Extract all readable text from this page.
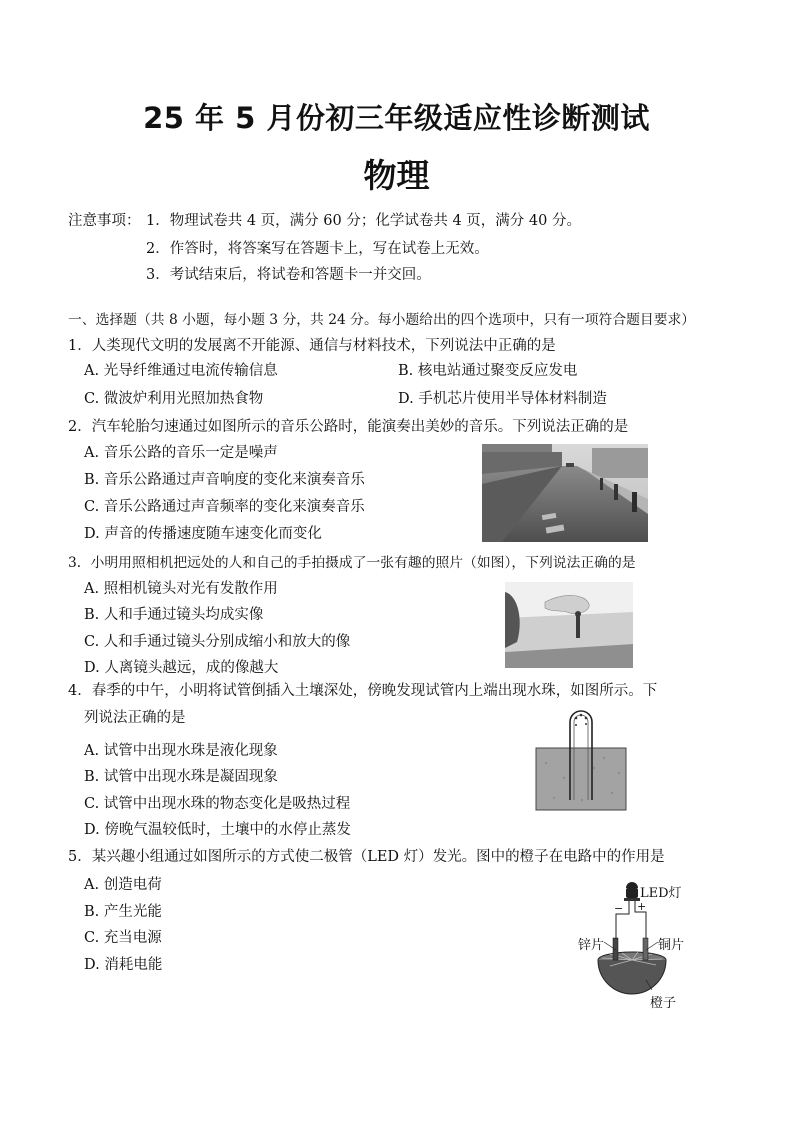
25 年 5 月份初三年级适应性诊断测试
物理
注意事项： 1．物理试卷共 4 页，满分 60 分；化学试卷共 4 页，满分 40 分。
2．作答时，将答案写在答题卡上，写在试卷上无效。
3．考试结束后，将试卷和答题卡一并交回。
一、选择题（共 8 小题，每小题 3 分，共 24 分。每小题给出的四个选项中，只有一项符合题目要求）
1．人类现代文明的发展离不开能源、通信与材料技术，下列说法中正确的是
A. 光导纤维通过电流传输信息	B. 核电站通过聚变反应发电
C. 微波炉利用光照加热食物	D. 手机芯片使用半导体材料制造
2．汽车轮胎匀速通过如图所示的音乐公路时，能演奏出美妙的音乐。下列说法正确的是
A. 音乐公路的音乐一定是噪声
B. 音乐公路通过声音响度的变化来演奏音乐
C. 音乐公路通过声音频率的变化来演奏音乐
D. 声音的传播速度随车速变化而变化
3．小明用照相机把远处的人和自己的手拍摄成了一张有趣的照片（如图），下列说法正确的是
A. 照相机镜头对光有发散作用
B. 人和手通过镜头均成实像
C. 人和手通过镜头分别成缩小和放大的像
D. 人离镜头越远，成的像越大
4．春季的中午，小明将试管倒插入土壤深处，傍晚发现试管内上端出现水珠，如图所示。下
列说法正确的是
A. 试管中出现水珠是液化现象
B. 试管中出现水珠是凝固现象
C. 试管中出现水珠的物态变化是吸热过程
D. 傍晚气温较低时，土壤中的水停止蒸发
5．某兴趣小组通过如图所示的方式使二极管（LED 灯）发光。图中的橙子在电路中的作用是
A. 创造电荷
B. 产生光能
C. 充当电源
D. 消耗电能
LED灯
− +
锌片	铜片
橙子
